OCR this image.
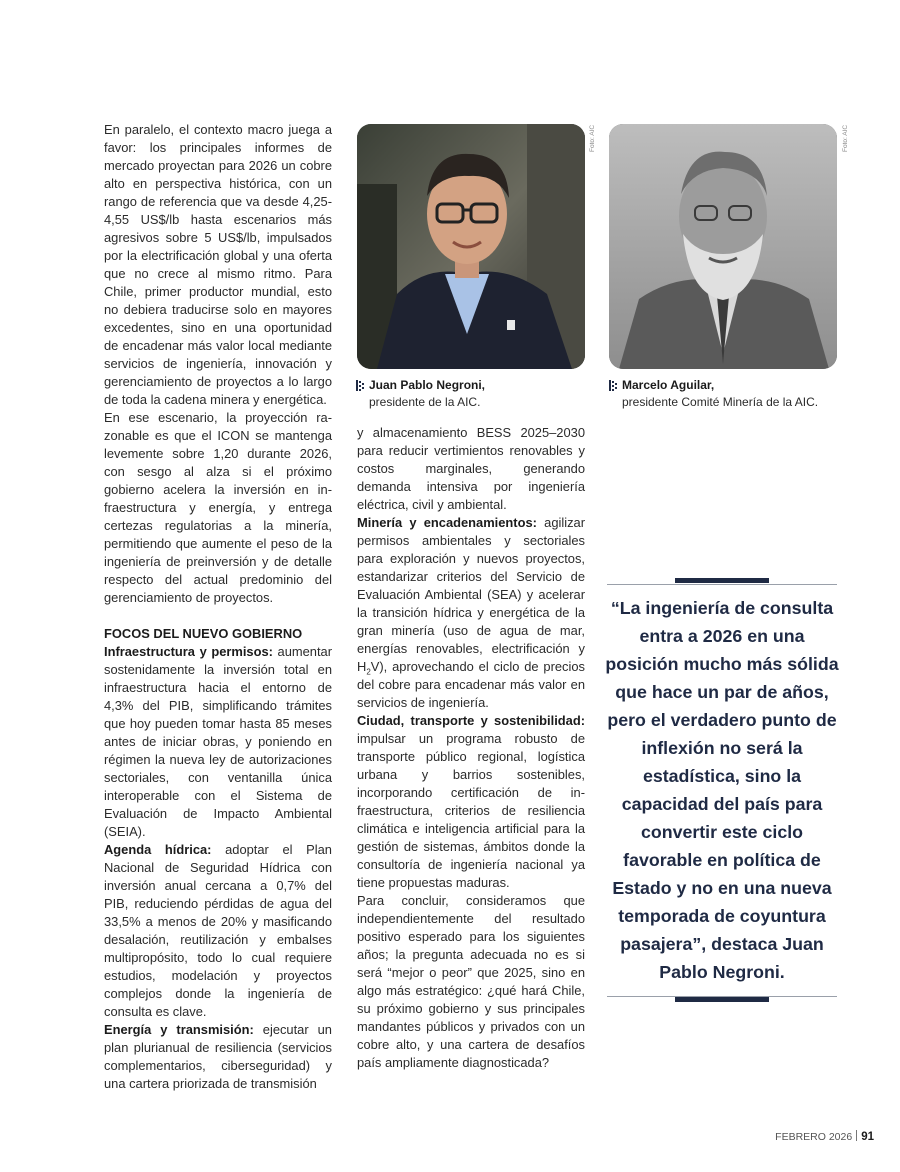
En paralelo, el contexto macro juega a favor: los principales informes de mercado proyectan para 2026 un cobre alto en perspectiva histórica, con un rango de referencia que va desde 4,25-4,55 US$/lb hasta escenarios más agresivos sobre 5 US$/lb, impulsados por la electrificación global y una oferta que no crece al mismo ritmo. Para Chile, primer productor mundial, esto no debiera traducirse solo en mayores excedentes, sino en una oportunidad de encadenar más valor local mediante servicios de ingeniería, innovación y gerenciamiento de proyectos a lo largo de toda la cadena minera y energética.

En ese escenario, la proyección razonable es que el ICON se mantenga levemente sobre 1,20 durante 2026, con sesgo al alza si el próximo gobierno acelera la inversión en infraestructura y energía, y entrega certezas regulatorias a la minería, permitiendo que aumente el peso de la ingeniería de preinversión y de detalle respecto del actual predominio del gerenciamiento de proyectos.

FOCOS DEL NUEVO GOBIERNO

Infraestructura y permisos: aumentar sostenidamente la inversión total en infraestructura hacia el entorno de 4,3% del PIB, simplificando trámites que hoy pueden tomar hasta 85 meses antes de iniciar obras, y poniendo en régimen la nueva ley de autorizaciones sectoriales, con ventanilla única interoperable con el Sistema de Evaluación de Impacto Ambiental (SEIA).

Agenda hídrica: adoptar el Plan Nacional de Seguridad Hídrica con inversión anual cercana a 0,7% del PIB, reduciendo pérdidas de agua del 33,5% a menos de 20% y masificando desalación, reutilización y embalses multipropósito, todo lo cual requiere estudios, modelación y proyectos complejos donde la ingeniería de consulta es clave.

Energía y transmisión: ejecutar un plan plurianual de resiliencia (servicios complementarios, ciberseguridad) y una cartera priorizada de transmisión

Foto: AIC	Foto: AIC
Juan Pablo Negroni,
presidente de la AIC.
Marcelo Aguilar,
presidente Comité Minería de la AIC.

y almacenamiento BESS 2025–2030 para reducir vertimientos renovables y costos marginales, generando demanda intensiva por ingeniería eléctrica, civil y ambiental.

Minería y encadenamientos: agilizar permisos ambientales y sectoriales para exploración y nuevos proyectos, estandarizar criterios del Servicio de Evaluación Ambiental (SEA) y acelerar la transición hídrica y energética de la gran minería (uso de agua de mar, energías renovables, electrificación y $H_2V$), aprovechando el ciclo de precios del cobre para encadenar más valor en servicios de ingeniería.

Ciudad, transporte y sostenibilidad: impulsar un programa robusto de transporte público regional, logística urbana y barrios sostenibles, incorporando certificación de infraestructura, criterios de resiliencia climática e inteligencia artificial para la gestión de sistemas, ámbitos donde la consultoría de ingeniería nacional ya tiene propuestas maduras.

Para concluir, consideramos que independientemente del resultado positivo esperado para los siguientes años; la pregunta adecuada no es si será “mejor o peor” que 2025, sino en algo más estratégico: ¿qué hará Chile, su próximo gobierno y sus principales mandantes públicos y privados con un cobre alto, y una cartera de desafíos país ampliamente diagnosticada?

“La ingeniería de consulta entra a 2026 en una posición mucho más sólida que hace un par de años, pero el verdadero punto de inflexión no será la estadística, sino la capacidad del país para convertir este ciclo favorable en política de Estado y no en una nueva temporada de coyuntura pasajera”, destaca Juan Pablo Negroni.
FEBRERO 2026 91
